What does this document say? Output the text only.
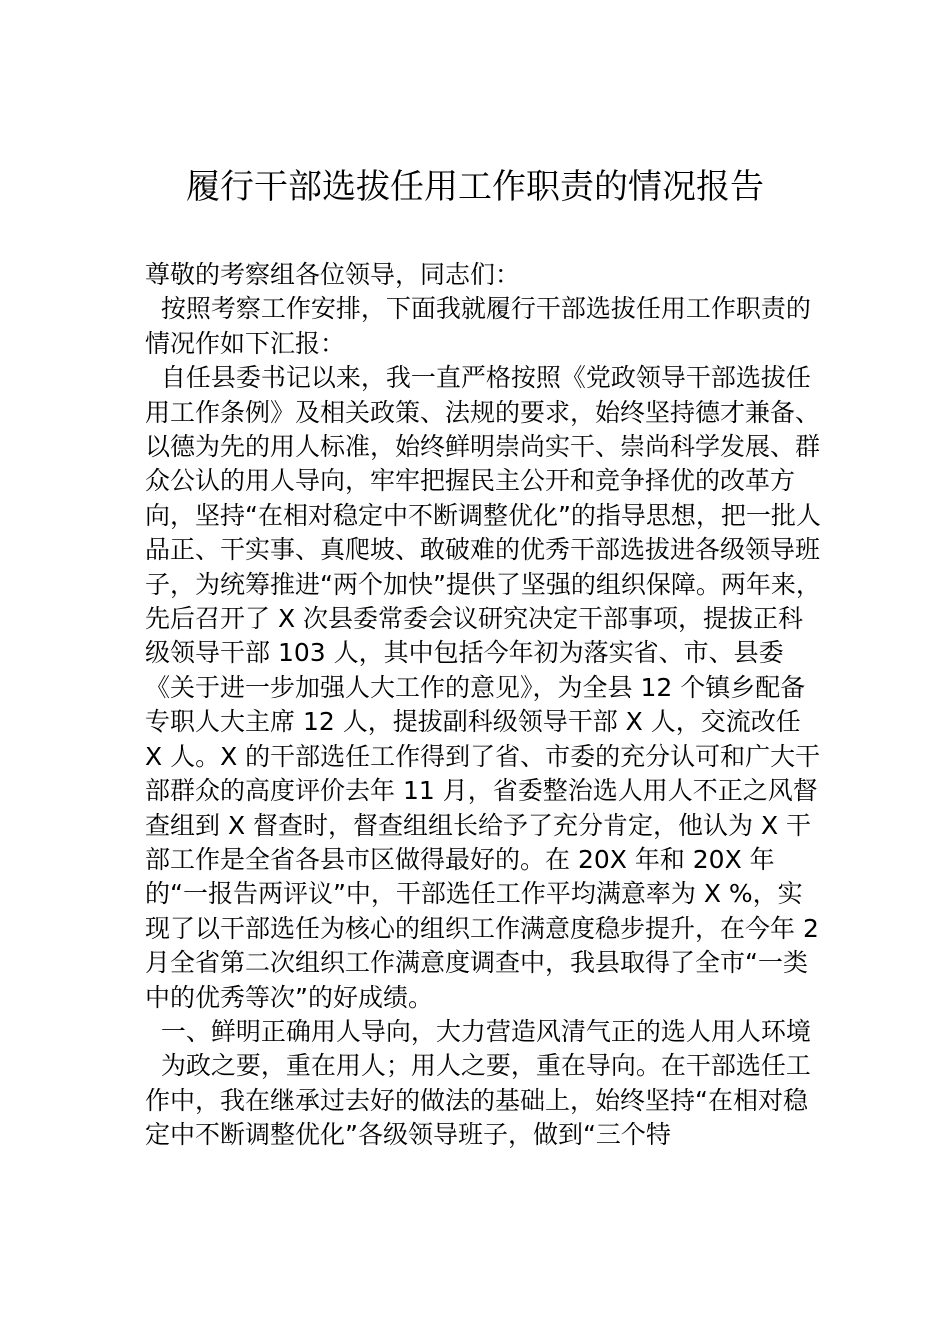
履行干部选拔任用工作职责的情况报告

尊敬的考察组各位领导，同志们：

按照考察工作安排，下面我就履行干部选拔任用工作职责的情况作如下汇报：

自任县委书记以来，我一直严格按照《党政领导干部选拔任用工作条例》及相关政策、法规的要求，始终坚持德才兼备、以德为先的用人标准，始终鲜明崇尚实干、崇尚科学发展、群众公认的用人导向，牢牢把握民主公开和竞争择优的改革方向，坚持“在相对稳定中不断调整优化”的指导思想，把一批人品正、干实事、真爬坡、敢破难的优秀干部选拔进各级领导班子，为统筹推进“两个加快”提供了坚强的组织保障。两年来，先后召开了 X 次县委常委会议研究决定干部事项，提拔正科级领导干部 103 人，其中包括今年初为落实省、市、县委《关于进一步加强人大工作的意见》，为全县 12 个镇乡配备专职人大主席 12 人，提拔副科级领导干部 X 人，交流改任 X 人。X 的干部选任工作得到了省、市委的充分认可和广大干部群众的高度评价去年 11 月，省委整治选人用人不正之风督查组到 X 督查时，督查组组长给予了充分肯定，他认为 X 干部工作是全省各县市区做得最好的。在 20X 年和 20X 年的“一报告两评议”中，干部选任工作平均满意率为 X %，实现了以干部选任为核心的组织工作满意度稳步提升，在今年 2 月全省第二次组织工作满意度调查中，我县取得了全市“一类中的优秀等次”的好成绩。

一、鲜明正确用人导向，大力营造风清气正的选人用人环境

为政之要，重在用人；用人之要，重在导向。在干部选任工作中，我在继承过去好的做法的基础上，始终坚持“在相对稳定中不断调整优化”各级领导班子，做到“三个特
